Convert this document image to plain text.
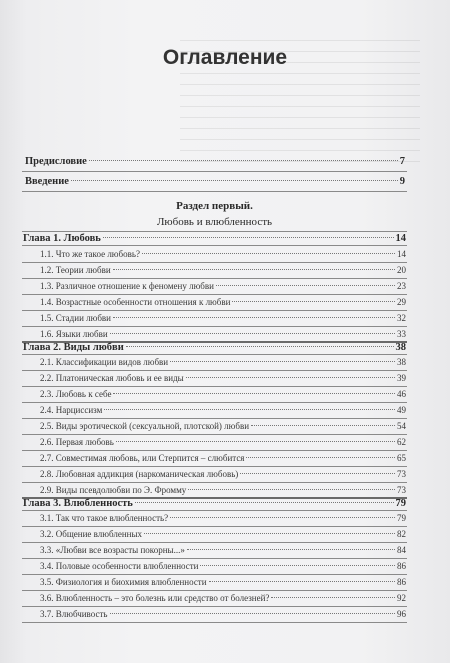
Оглавление
Предисловие	7
Введение	9
Раздел первый.
Любовь и влюбленность
Глава 1. Любовь	14
1.1. Что же такое любовь?	14
1.2. Теории любви	20
1.3. Различное отношение к феномену любви	23
1.4. Возрастные особенности отношения к любви	29
1.5. Стадии любви	32
1.6. Языки любви	33
Глава 2. Виды любви	38
2.1. Классификации видов любви	38
2.2. Платоническая любовь и ее виды	39
2.3. Любовь к себе	46
2.4. Нарциссизм	49
2.5. Виды эротической (сексуальной, плотской) любви	54
2.6. Первая любовь	62
2.7. Совместимая любовь, или Стерпится – слюбится	65
2.8. Любовная аддикция (наркоманическая любовь)	73
2.9. Виды псевдолюбви по Э. Фромму	73
Глава 3. Влюбленность	79
3.1. Так что такое влюбленность?	79
3.2. Общение влюбленных	82
3.3. «Любви все возрасты покорны...»	84
3.4. Половые особенности влюбленности	86
3.5. Физиология и биохимия влюбленности	86
3.6. Влюбленность – это болезнь или средство от болезней?	92
3.7. Влюбчивость	96
